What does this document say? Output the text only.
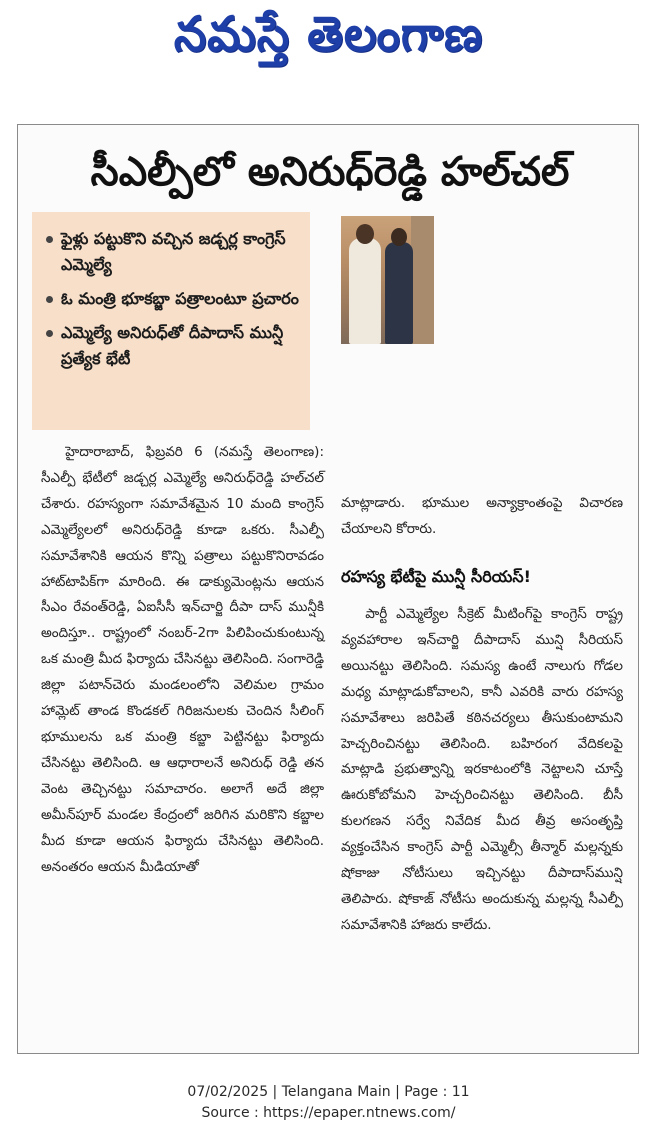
నమస్తే తెలంగాణ
సీఎల్పీలో అనిరుధ్‌రెడ్డి హల్‌చల్
ఫైళ్లు పట్టుకొని వచ్చిన జడ్చర్ల కాంగ్రెస్ ఎమ్మెల్యే
ఓ మంత్రి భూకబ్జా పత్రాలంటూ ప్రచారం
ఎమ్మెల్యే అనిరుధ్‌తో దీపాదాస్ మున్షీ ప్రత్యేక భేటీ

హైదారాబాద్, ఫిబ్రవరి 6 (నమస్తే తెలంగాణ): సీఎల్పీ భేటీలో జడ్చర్ల ఎమ్మెల్యే అనిరుధ్‌రెడ్డి హల్‌చల్ చేశారు. రహస్యంగా సమావేశమైన 10 మంది కాంగ్రెస్ ఎమ్మెల్యేలలో అనిరుధ్‌రెడ్డి కూడా ఒకరు. సీఎల్పీ సమావేశానికి ఆయన కొన్ని పత్రాలు పట్టుకొనిరావడం హాట్‌టాపిక్‌గా మారింది. ఈ డాక్యుమెంట్లను ఆయన సీఎం రేవంత్‌రెడ్డి, ఏఐసీసీ ఇన్‌చార్జి దీపా దాస్ మున్షీకి అందిస్తూ.. రాష్ట్రంలో నంబర్-2గా పిలిపించుకుంటున్న ఒక మంత్రి మీద ఫిర్యాదు చేసినట్టు తెలిసింది. సంగారెడ్డి జిల్లా పటాన్‌చెరు మండలంలోని వెలిమల గ్రామం హామ్లెట్ తాండ కొండకల్ గిరిజనులకు చెందిన సీలింగ్ భూములను ఒక మంత్రి కబ్జా పెట్టినట్టు ఫిర్యాదు చేసినట్టు తెలిసింది. ఆ ఆధారాలనే అనిరుధ్ రెడ్డి తన వెంట తెచ్చినట్టు సమాచారం. అలాగే అదే జిల్లా అమీన్‌పూర్ మండల కేంద్రంలో జరిగిన మరికొని కబ్జాల మీద కూడా ఆయన ఫిర్యాదు చేసినట్టు తెలిసింది. అనంతరం ఆయన మీడియాతో

మాట్లాడారు. భూముల అన్యాక్రాంతంపై విచారణ చేయాలని కోరారు.

రహస్య భేటీపై మున్షీ సీరియస్!

పార్టీ ఎమ్మెల్యేల సీక్రెట్ మీటింగ్‌పై కాంగ్రెస్ రాష్ట్ర వ్యవహారాల ఇన్‌చార్జి దీపాదాస్ మున్షి సీరియస్ అయినట్టు తెలిసింది. సమస్య ఉంటే నాలుగు గోడల మధ్య మాట్లాడుకోవాలని, కానీ ఎవరికి వారు రహస్య సమావేశాలు జరిపితే కఠినచర్యలు తీసుకుంటామని హెచ్చరించినట్టు తెలిసింది. బహిరంగ వేదికలపై మాట్లాడి ప్రభుత్వాన్ని ఇరకాటంలోకి నెట్టాలని చూస్తే ఊరుకోబోమని హెచ్చరించినట్టు తెలిసింది. బీసీ కులగణన సర్వే నివేదిక మీద తీవ్ర అసంతృప్తి వ్యక్తంచేసిన కాంగ్రెస్ పార్టీ ఎమ్మెల్సీ తీన్మార్ మల్లన్నకు షోకాజు నోటీసులు ఇచ్చినట్టు దీపాదాస్‌మున్షి తెలిపారు. షోకాజ్ నోటీసు అందుకున్న మల్లన్న సీఎల్పీ సమావేశానికి హాజరు కాలేదు.

07/02/2025 | Telangana Main | Page : 11
Source : https://epaper.ntnews.com/
